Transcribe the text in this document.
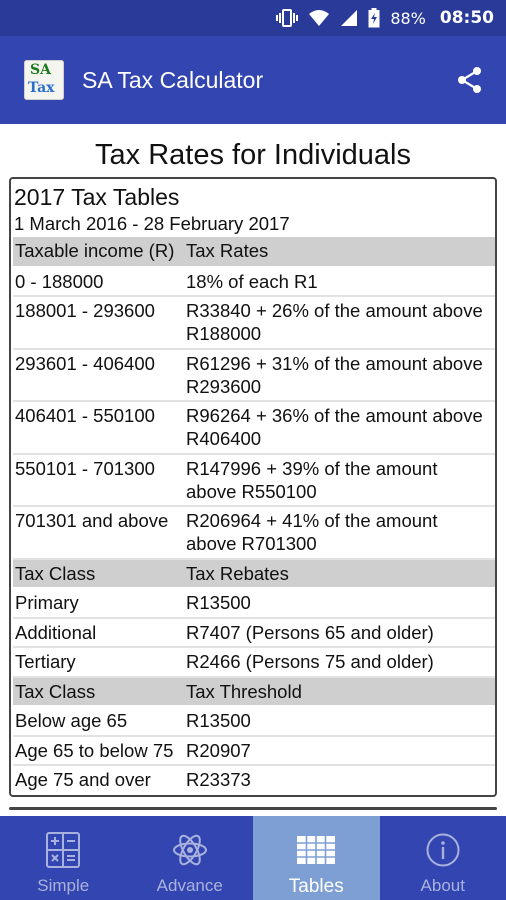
88% 08:50
SA
Tax SA Tax Calculator
Tax Rates for Individuals
2017 Tax Tables
1 March 2016 - 28 February 2017
Taxable income (R)	Tax Rates
0 - 188000	18% of each R1
188001 - 293600	R33840 + 26% of the amount above R188000
293601 - 406400	R61296 + 31% of the amount above R293600
406401 - 550100	R96264 + 36% of the amount above R406400
550101 - 701300	R147996 + 39% of the amount above R550100
701301 and above	R206964 + 41% of the amount above R701300
Tax Class	Tax Rebates
Primary	R13500
Additional	R7407 (Persons 65 and older)
Tertiary	R2466 (Persons 75 and older)
Tax Class	Tax Threshold
Below age 65	R13500
Age 65 to below 75	R20907
Age 75 and over	R23373
Simple	Advance	Tables	About
